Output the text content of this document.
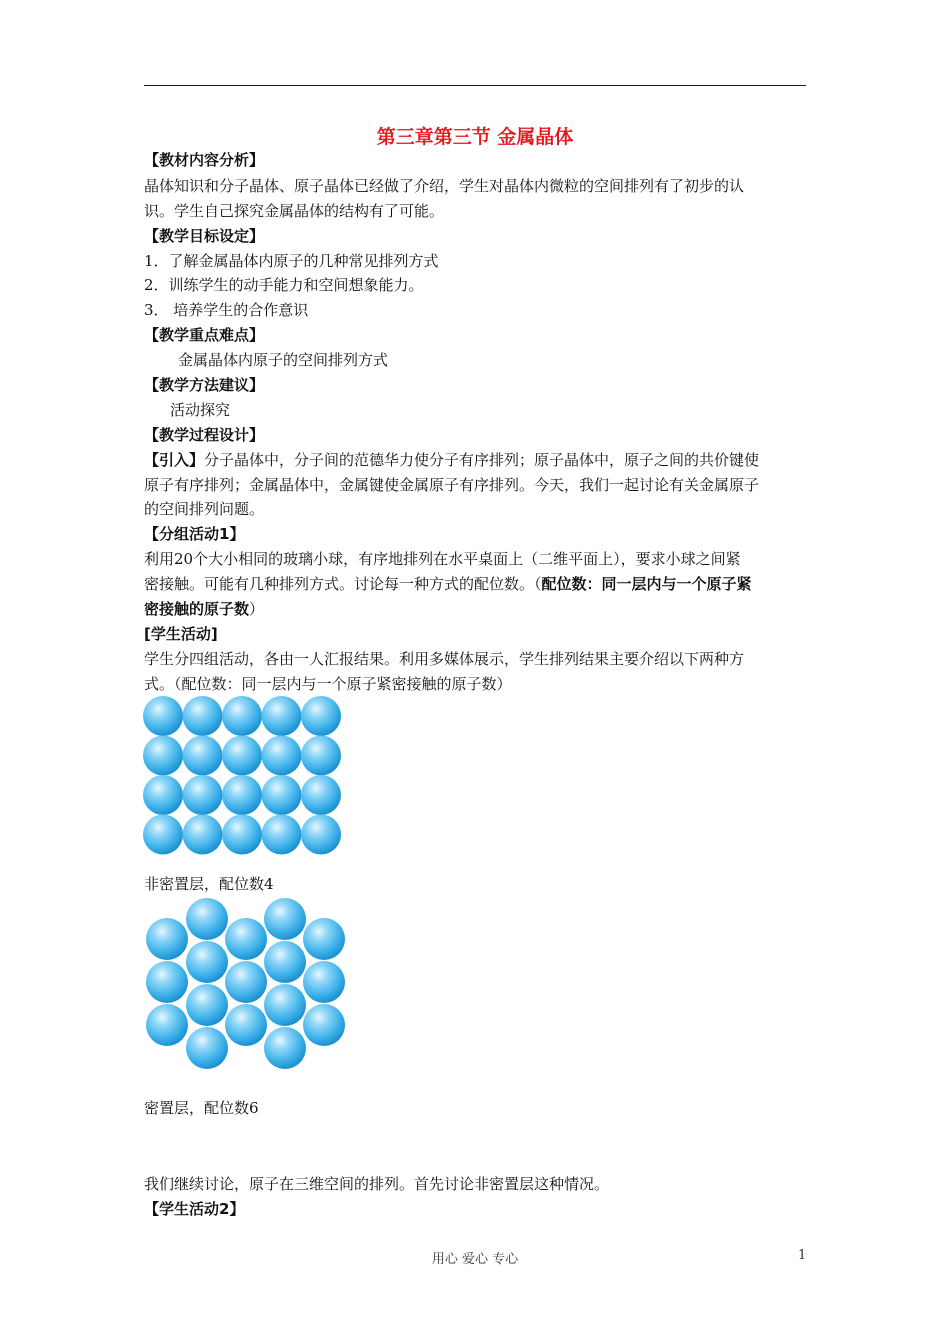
第三章第三节 金属晶体
【教材内容分析】
晶体知识和分子晶体、原子晶体已经做了介绍，学生对晶体内微粒的空间排列有了初步的认
识。学生自己探究金属晶体的结构有了可能。
【教学目标设定】
1．了解金属晶体内原子的几种常见排列方式
2．训练学生的动手能力和空间想象能力。
3． 培养学生的合作意识
【教学重点难点】
金属晶体内原子的空间排列方式
【教学方法建议】
活动探究
【教学过程设计】
【引入】分子晶体中，分子间的范德华力使分子有序排列；原子晶体中，原子之间的共价键使
原子有序排列；金属晶体中，金属键使金属原子有序排列。今天，我们一起讨论有关金属原子
的空间排列问题。
【分组活动1】
利用20个大小相同的玻璃小球，有序地排列在水平桌面上（二维平面上），要求小球之间紧
密接触。可能有几种排列方式。讨论每一种方式的配位数。（配位数：同一层内与一个原子紧
密接触的原子数）
[学生活动]
学生分四组活动，各由一人汇报结果。利用多媒体展示，学生排列结果主要介绍以下两种方
式。（配位数：同一层内与一个原子紧密接触的原子数）
非密置层，配位数4
密置层，配位数6
我们继续讨论，原子在三维空间的排列。首先讨论非密置层这种情况。
【学生活动2】
用心 爱心 专心	1
